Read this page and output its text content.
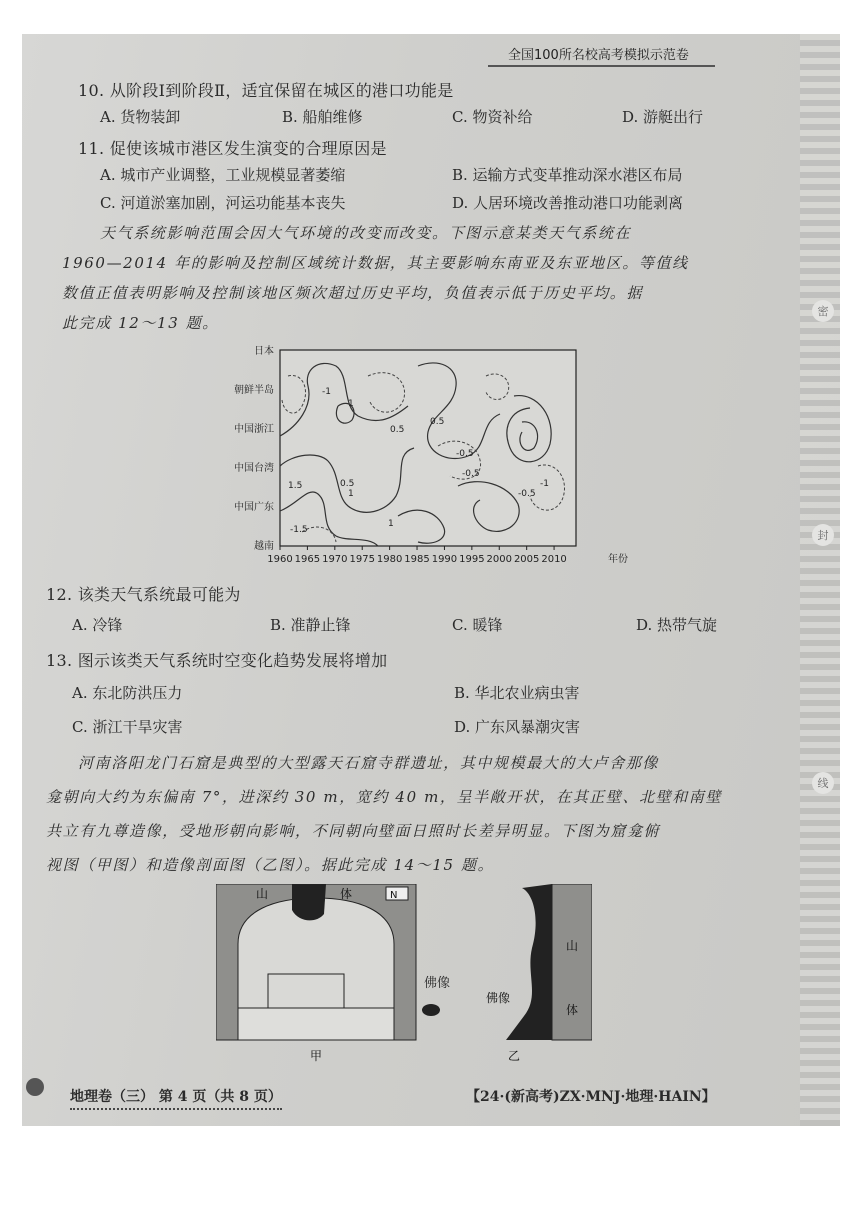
密
封
线
全国100所名校高考模拟示范卷
10. 从阶段Ⅰ到阶段Ⅱ，适宜保留在城区的港口功能是
A. 货物装卸	B. 船舶维修	C. 物资补给	D. 游艇出行
11. 促使该城市港区发生演变的合理原因是
A. 城市产业调整，工业规模显著萎缩	B. 运输方式变革推动深水港区布局
C. 河道淤塞加剧，河运功能基本丧失	D. 人居环境改善推动港口功能剥离
天气系统影响范围会因大气环境的改变而改变。下图示意某类天气系统在
1960—2014 年的影响及控制区域统计数据，其主要影响东南亚及东亚地区。等值线
数值正值表明影响及控制该地区频次超过历史平均，负值表示低于历史平均。据
此完成 12～13 题。
日本
朝鲜半岛
中国浙江
中国台湾
中国广东
越南
1960 1965 1970 1975 1980 1985 1990 1995 2000 2005 2010	年份
-1
1
0.5
0.5
-0.5
-0.5
0.5	-1
1.5
-1.5
1
-0.5
1
12. 该类天气系统最可能为
A. 冷锋	B. 准静止锋	C. 暖锋	D. 热带气旋
13. 图示该类天气系统时空变化趋势发展将增加
A. 东北防洪压力	B. 华北农业病虫害
C. 浙江干旱灾害	D. 广东风暴潮灾害
河南洛阳龙门石窟是典型的大型露天石窟寺群遗址，其中规模最大的大卢舍那像
龛朝向大约为东偏南 7°，进深约 30 m，宽约 40 m，呈半敞开状，在其正壁、北壁和南壁
共立有九尊造像，受地形朝向影响，不同朝向壁面日照时长差异明显。下图为窟龛俯
视图（甲图）和造像剖面图（乙图）。据此完成 14～15 题。
山	体	N
甲
佛像
山
体
佛像
乙
地理卷（三） 第 4 页（共 8 页）	【24·(新高考)ZX·MNJ·地理·HAIN】
